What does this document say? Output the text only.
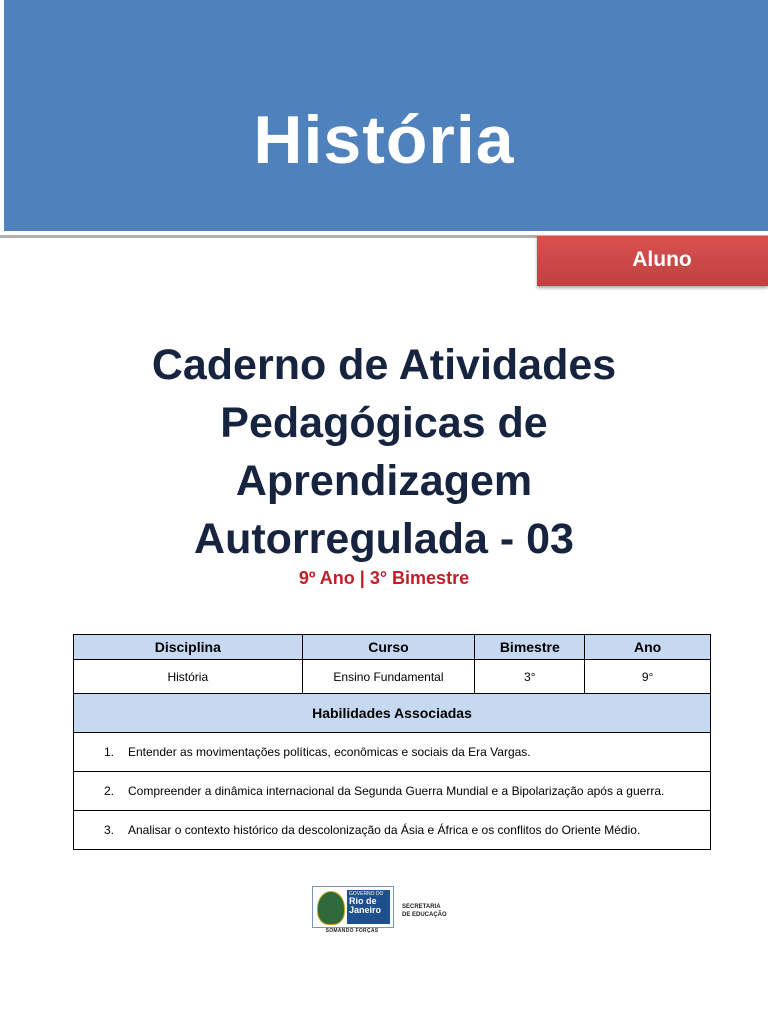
História
Aluno
Caderno de Atividades
Pedagógicas de
Aprendizagem
Autorregulada - 03
9º Ano | 3° Bimestre
Disciplina	Curso	Bimestre	Ano
História	Ensino Fundamental	3°	9°
Habilidades Associadas			
1. Entender as movimentações políticas, econômicas e sociais da Era Vargas.			
2. Compreender a dinâmica internacional da Segunda Guerra Mundial e a Bipolarização após a guerra.			
3. Analisar o contexto histórico da descolonização da Ásia e África e os conflitos do Oriente Médio.			
GOVERNO DO
Rio de
Janeiro
SOMANDO FORÇAS
SECRETARIA
DE EDUCAÇÃO
